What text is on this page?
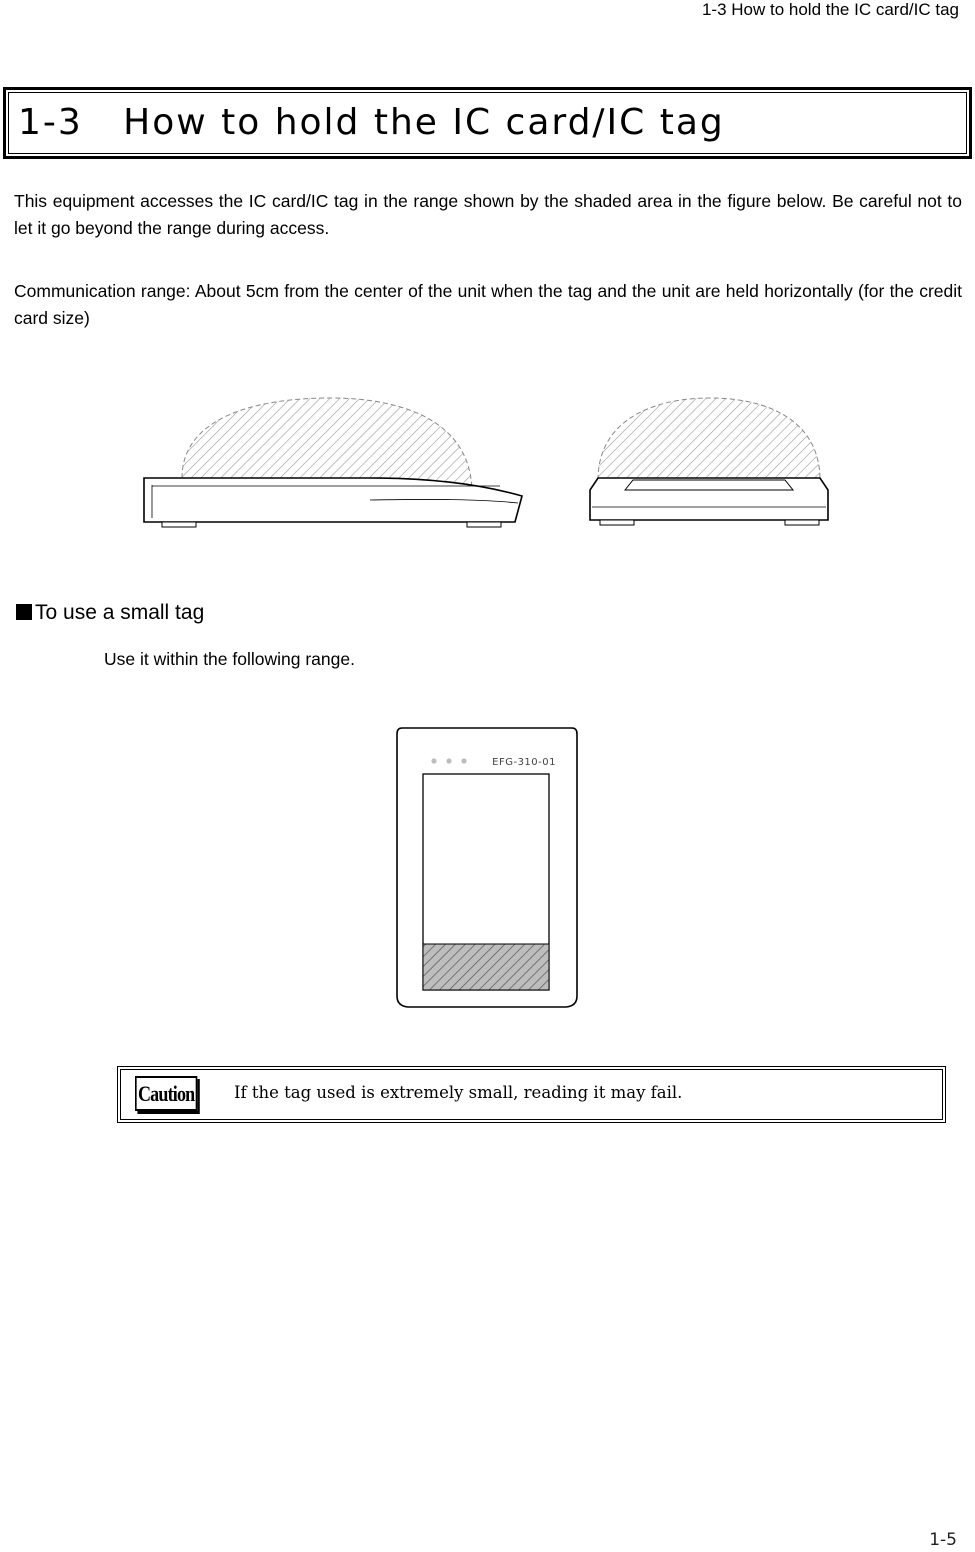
1-3 How to hold the IC card/IC tag
1-3   How to hold the IC card/IC tag
This equipment accesses the IC card/IC tag in the range shown by the shaded area in the figure below. Be careful not to let it go beyond the range during access.
Communication range: About 5cm from the center of the unit when the tag and the unit are held horizontally (for the credit card size)
To use a small tag
Use it within the following range.
EFG-310-01
Caution If the tag used is extremely small, reading it may fail.
1-5
